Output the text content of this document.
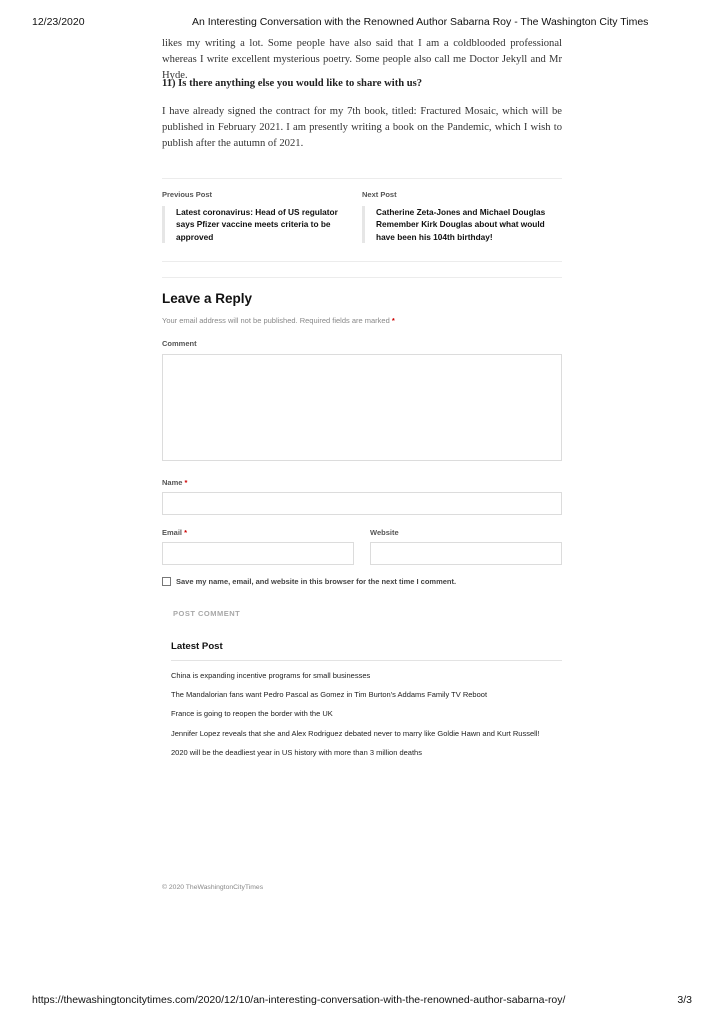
12/23/2020	An Interesting Conversation with the Renowned Author Sabarna Roy - The Washington City Times

likes my writing a lot. Some people have also said that I am a coldblooded professional whereas I write excellent mysterious poetry. Some people also call me Doctor Jekyll and Mr Hyde.

11) Is there anything else you would like to share with us?

I have already signed the contract for my 7th book, titled: Fractured Mosaic, which will be published in February 2021. I am presently writing a book on the Pandemic, which I wish to publish after the autumn of 2021.

Previous Post
Latest coronavirus: Head of US regulator says Pfizer vaccine meets criteria to be approved
Next Post
Catherine Zeta-Jones and Michael Douglas Remember Kirk Douglas about what would have been his 104th birthday!
Leave a Reply
Your email address will not be published. Required fields are marked *
Comment
Name *
Email *	Website
Save my name, email, and website in this browser for the next time I comment.
POST COMMENT
Latest Post
China is expanding incentive programs for small businesses
The Mandalorian fans want Pedro Pascal as Gomez in Tim Burton's Addams Family TV Reboot
France is going to reopen the border with the UK
Jennifer Lopez reveals that she and Alex Rodriguez debated never to marry like Goldie Hawn and Kurt Russell!
2020 will be the deadliest year in US history with more than 3 million deaths
© 2020 TheWashingtonCityTimes
https://thewashingtoncitytimes.com/2020/12/10/an-interesting-conversation-with-the-renowned-author-sabarna-roy/	3/3
